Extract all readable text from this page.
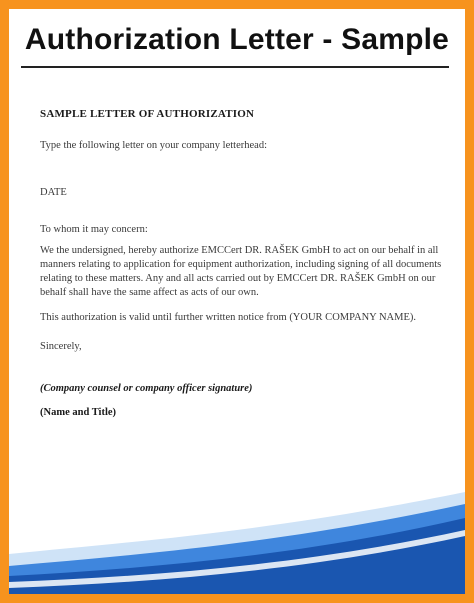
Authorization Letter - Sample
SAMPLE LETTER OF AUTHORIZATION
Type the following letter on your company letterhead:
DATE
To whom it may concern:
We the undersigned, hereby authorize EMCCert DR. RAŠEK GmbH to act on our behalf in all
manners relating to application for equipment authorization, including signing of all documents
relating to these matters. Any and all acts carried out by EMCCert DR. RAŠEK GmbH on our
behalf shall have the same affect as acts of our own.
This authorization is valid until further written notice from (YOUR COMPANY NAME).
Sincerely,
(Company counsel or company officer signature)
(Name and Title)
